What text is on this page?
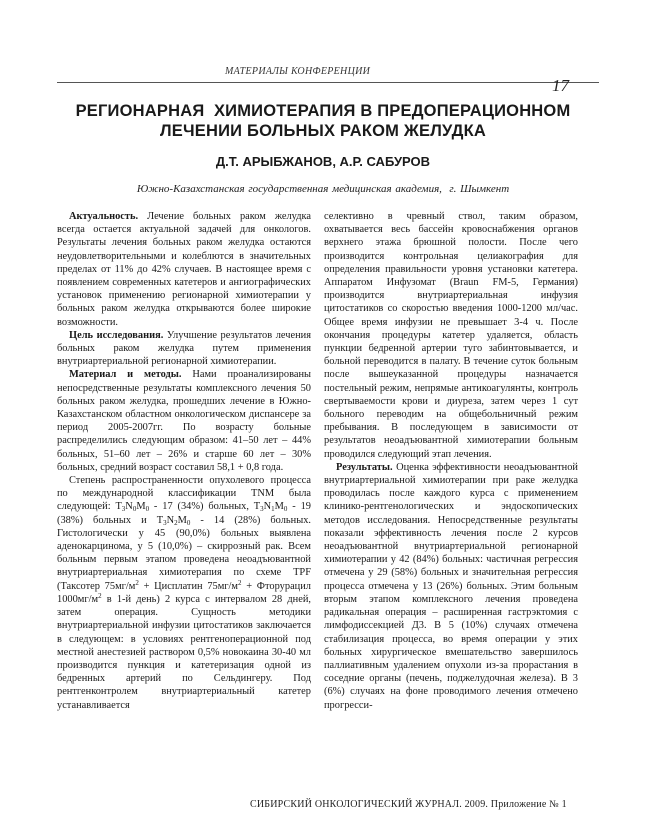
МАТЕРИАЛЫ КОНФЕРЕНЦИИ
17
РЕГИОНАРНАЯ  ХИМИОТЕРАПИЯ В ПРЕДОПЕРАЦИОННОМ
ЛЕЧЕНИИ БОЛЬНЫХ РАКОМ ЖЕЛУДКА
Д.Т. АРЫБЖАНОВ, А.Р. САБУРОВ
Южно-Казахстанская государственная медицинская академия,  г. Шымкент

Актуальность. Лечение больных раком желудка всегда остается актуальной задачей для онкологов. Результаты лечения больных раком желудка остаются неудовлетворительными и колеблются в значительных пределах от 11% до 42% случаев. В настоящее время с появлением современных катетеров и ангиографических установок применению регионарной химиотерапии у больных раком желудка открываются более широкие возможности.

Цель исследования. Улучшение результатов лечения больных раком желудка путем применения внутриартериальной регионарной химиотерапии.

Материал и методы. Нами проанализированы непосредственные результаты комплексного лечения 50 больных раком желудка, прошедших лечение в Южно-Казахстанском областном онкологическом диспансере за период 2005-2007гг. По возрасту больные распределились следующим образом: 41–50 лет – 44% больных, 51–60 лет – 26% и старше 60 лет – 30% больных, средний возраст составил 58,1 + 0,8 года.

Степень распространенности опухолевого процесса по международной классификации TNM была следующей: $T_3N_0M_0 - 17$ (34%) больных, $T_3N_1M_0 - 19$ (38%) больных и $T_3N_2M_0 - 14$ (28%) больных. Гистологически у 45 (90,0%) больных выявлена аденокарцинома, у 5 (10,0%) – скиррозный рак. Всем больным первым этапом проведена неоадъювантной внутриартериальная химиотерапия по схеме TPF (Таксотер $75мг/м^2$ + Цисплатин $75мг/м^2$ + Фторурацил $1000мг/м^2$ в 1-й день) 2 курса с интервалом 28 дней, затем операция. Сущность методики внутриартериальной инфузии цитостатиков заключается в следующем: в условиях рентгеноперационной под местной анестезией раствором 0,5% новокаина 30-40 мл производится пункция и катетеризация одной из бедренных артерий по Сельдингеру. Под рентгенконтролем внутриартериальный катетер устанавливается

селективно в чревный ствол, таким образом, охватывается весь бассейн кровоснабжения органов верхнего этажа брюшной полости. После чего производится контрольная целиакография для определения правильности уровня установки катетера. Аппаратом Инфузомат (Braun FM-5, Германия) производится внутриартериальная инфузия цитостатиков со скоростью введения 1000-1200 мл/час. Общее время инфузии не превышает 3-4 ч. После окончания процедуры катетер удаляется, область пункции бедренной артерии туго забинтовывается, и больной переводится в палату. В течение суток больным после вышеуказанной процедуры назначается постельный режим, непрямые антикоагулянты, контроль свертываемости крови и диуреза, затем через 1 сут больного переводим на общебольничный режим пребывания. В последующем в зависимости от результатов неоадъювантной химиотерапии больным проводился следующий этап лечения.

Результаты. Оценка эффективности неоадъювантной внутриартериальной химиотерапии при раке желудка проводилась после каждого курса с применением клинико-рентгенологических и эндоскопических методов исследования. Непосредственные результаты показали эффективность лечения после 2 курсов неоадъювантной внутриартериальной регионарной химиотерапии у 42 (84%) больных: частичная регрессия отмечена у 29 (58%) больных и значительная регрессия процесса отмечена у 13 (26%) больных. Этим больным вторым этапом комплексного лечения проведена радикальная операция – расширенная гастрэктомия с лимфодиссекцией Д3. В 5 (10%) случаях отмечена стабилизация процесса, во время операции у этих больных хирургическое вмешательство завершилось паллиативным удалением опухоли из-за прорастания в соседние органы (печень, поджелудочная железа). В 3 (6%) случаях на фоне проводимого лечения отмечено прогресси-

СИБИРСКИЙ ОНКОЛОГИЧЕСКИЙ ЖУРНАЛ. 2009. Приложение № 1
